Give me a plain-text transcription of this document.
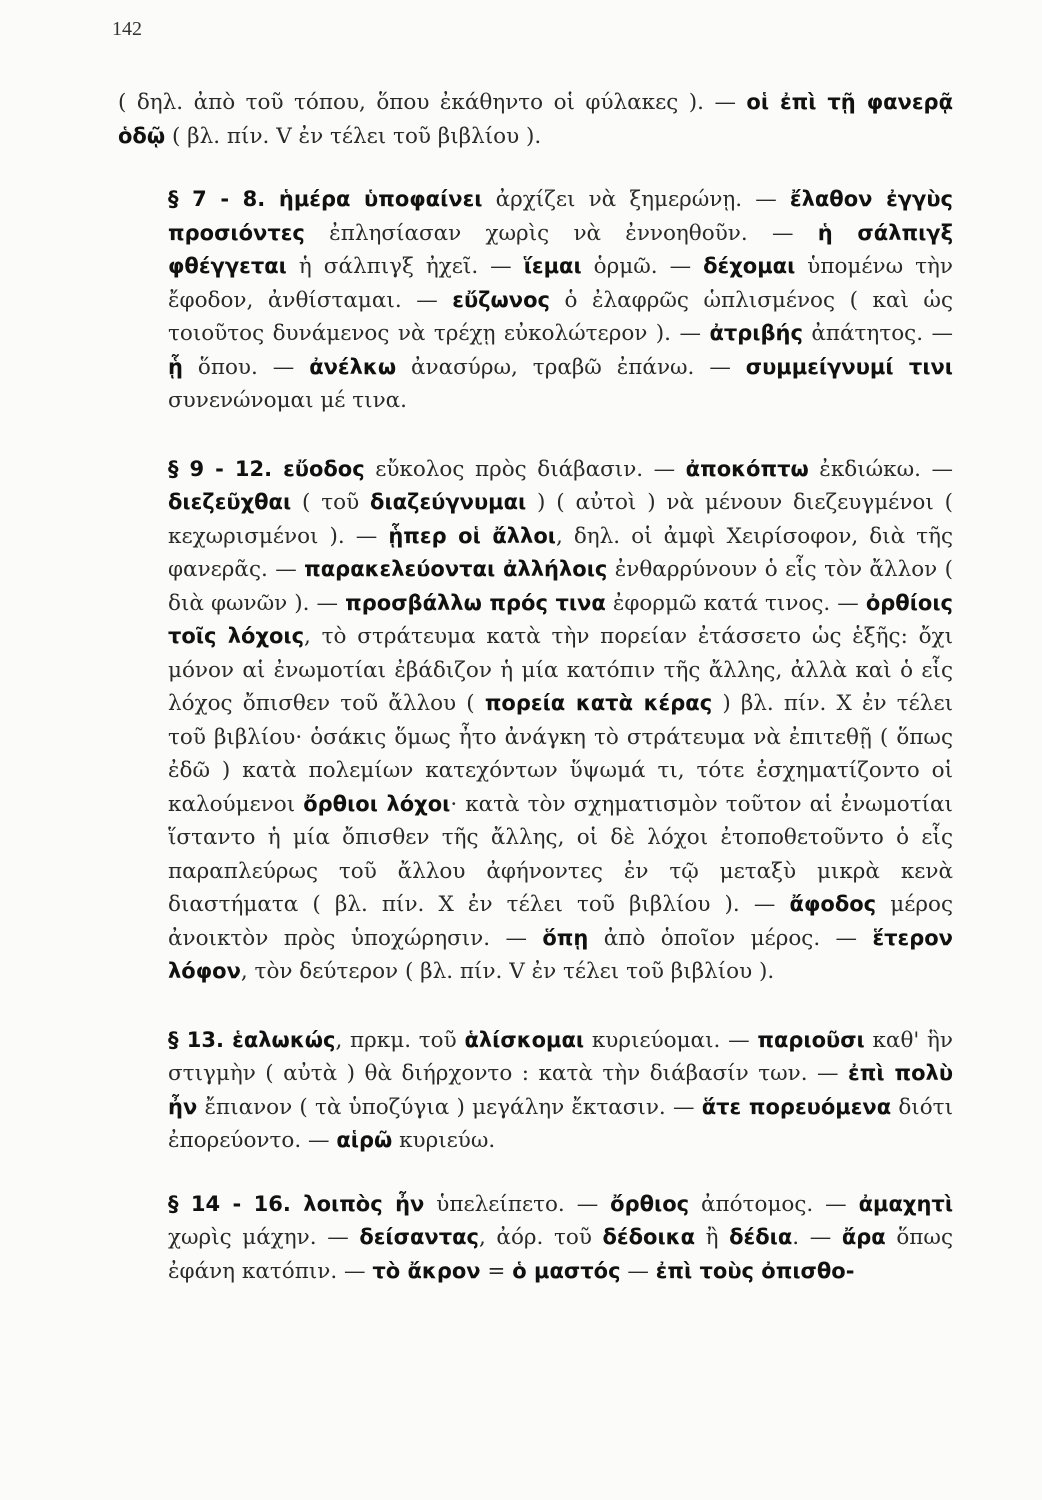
142

( δηλ. ἀπὸ τοῦ τόπου, ὅπου ἐκάθηντο οἱ φύλακες ). — οἱ ἐπὶ τῇ φανερᾷ ὁδῷ ( βλ. πίν. V ἐν τέλει τοῦ βιβλίου ).

§ 7 - 8. ἡμέρα ὑποφαίνει ἀρχίζει νὰ ξημερώνῃ. — ἔλαθον ἐγγὺς προσιόντες ἐπλησίασαν χωρὶς νὰ ἐννοηθοῦν. — ἡ σάλπιγξ φθέγγεται ἡ σάλπιγξ ἠχεῖ. — ἵεμαι ὁρμῶ. — δέχομαι ὑπομένω τὴν ἔφοδον, ἀνθίσταμαι. — εὔζωνος ὁ ἐλαφρῶς ὡπλισμένος ( καὶ ὡς τοιοῦτος δυνάμενος νὰ τρέχῃ εὐκολώτερον ). — ἀτριβής ἀπάτητος. — ᾗ ὅπου. — ἀνέλκω ἀνασύρω, τραβῶ ἐπάνω. — συμμείγνυμί τινι συνενώνομαι μέ τινα.

§ 9 - 12. εὔοδος εὔκολος πρὸς διάβασιν. — ἀποκόπτω ἐκδιώκω. — διεζεῦχθαι ( τοῦ διαζεύγνυμαι ) ( αὐτοὶ ) νὰ μένουν διεζευγμένοι ( κεχωρισμένοι ). — ᾗπερ οἱ ἄλλοι, δηλ. οἱ ἀμφὶ Χειρίσοφον, διὰ τῆς φανερᾶς. — παρακελεύονται ἀλλήλοις ἐνθαρρύνουν ὁ εἷς τὸν ἄλλον ( διὰ φωνῶν ). — προσβάλλω πρός τινα ἐφορμῶ κατά τινος. — ὀρθίοις τοῖς λόχοις, τὸ στράτευμα κατὰ τὴν πορείαν ἐτάσσετο ὡς ἑξῆς: ὄχι μόνον αἱ ἐνωμοτίαι ἐβάδιζον ἡ μία κατόπιν τῆς ἄλλης, ἀλλὰ καὶ ὁ εἷς λόχος ὄπισθεν τοῦ ἄλλου ( πορεία κατὰ κέρας ) βλ. πίν. Χ ἐν τέλει τοῦ βιβλίου· ὁσάκις ὅμως ἦτο ἀνάγκη τὸ στράτευμα νὰ ἐπιτεθῇ ( ὅπως ἐδῶ ) κατὰ πολεμίων κατεχόντων ὕψωμά τι, τότε ἐσχηματίζοντο οἱ καλούμενοι ὄρθιοι λόχοι· κατὰ τὸν σχηματισμὸν τοῦτον αἱ ἐνωμοτίαι ἵσταντο ἡ μία ὄπισθεν τῆς ἄλλης, οἱ δὲ λόχοι ἐτοποθετοῦντο ὁ εἷς παραπλεύρως τοῦ ἄλλου ἀφήνοντες ἐν τῷ μεταξὺ μικρὰ κενὰ διαστήματα ( βλ. πίν. Χ ἐν τέλει τοῦ βιβλίου ). — ἄφοδος μέρος ἀνοικτὸν πρὸς ὑποχώρησιν. — ὅπῃ ἀπὸ ὁποῖον μέρος. — ἕτερον λόφον, τὸν δεύτερον ( βλ. πίν. V ἐν τέλει τοῦ βιβλίου ).

§ 13. ἑαλωκώς, πρκμ. τοῦ ἁλίσκομαι κυριεύομαι. — παριοῦσι καθ' ἣν στιγμὴν ( αὐτὰ ) θὰ διήρχοντο : κατὰ τὴν διάβασίν των. — ἐπὶ πολὺ ἦν ἔπιανον ( τὰ ὑποζύγια ) μεγάλην ἔκτασιν. — ἅτε πορευόμενα διότι ἐπορεύοντο. — αἱρῶ κυριεύω.

§ 14 - 16. λοιπὸς ἦν ὑπελείπετο. — ὄρθιος ἀπότομος. — ἀμαχητὶ χωρὶς μάχην. — δείσαντας, ἀόρ. τοῦ δέδοικα ἢ δέδια. — ἄρα ὅπως ἐφάνη κατόπιν. — τὸ ἄκρον = ὁ μαστός — ἐπὶ τοὺς ὀπισθο-
